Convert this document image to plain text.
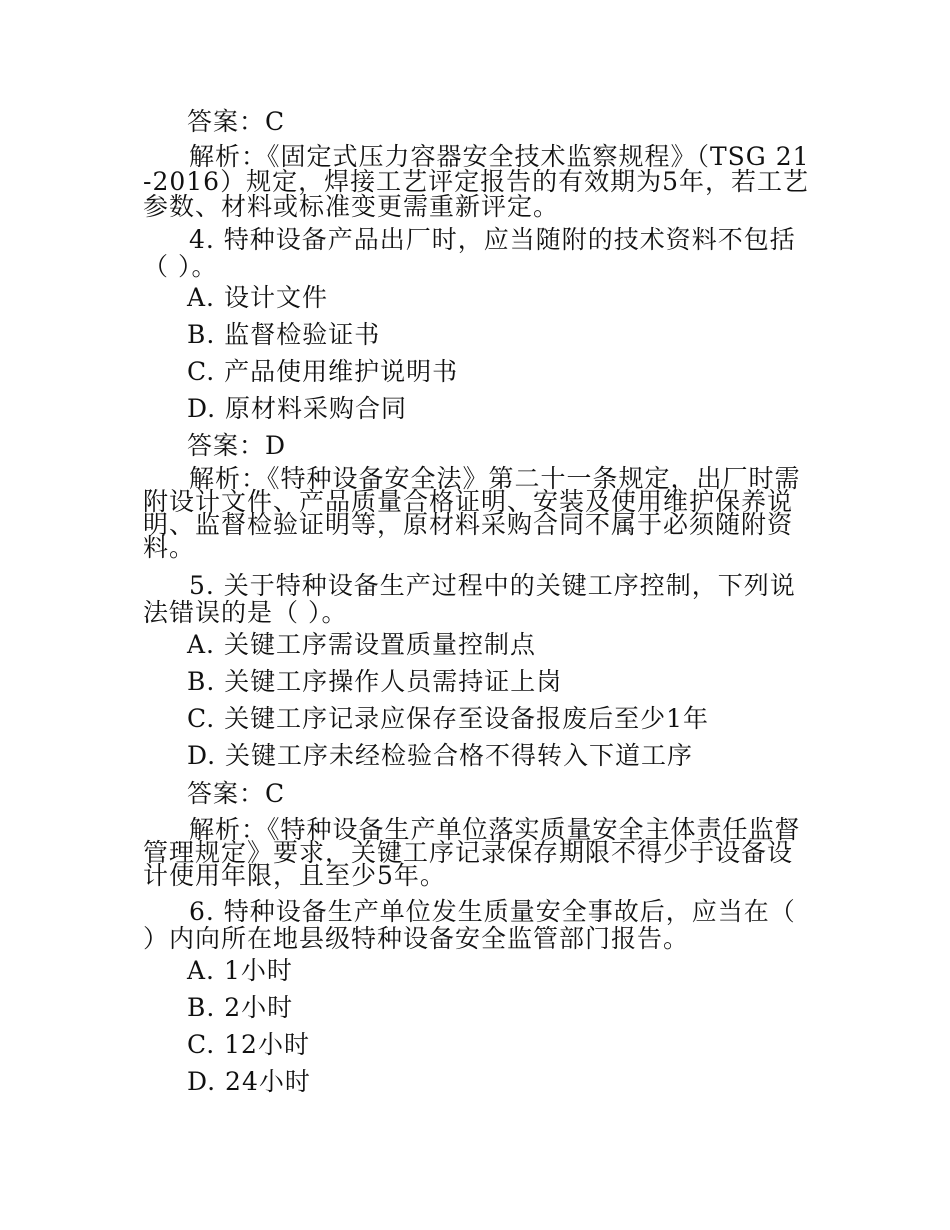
答案：C

解析：《固定式压力容器安全技术监察规程》（TSG 21-2016）规定，焊接工艺评定报告的有效期为5年，若工艺参数、材料或标准变更需重新评定。

4. 特种设备产品出厂时，应当随附的技术资料不包括（ ）。

A. 设计文件

B. 监督检验证书

C. 产品使用维护说明书

D. 原材料采购合同

答案：D

解析：《特种设备安全法》第二十一条规定，出厂时需附设计文件、产品质量合格证明、安装及使用维护保养说明、监督检验证明等，原材料采购合同不属于必须随附资料。

5. 关于特种设备生产过程中的关键工序控制，下列说法错误的是（ ）。

A. 关键工序需设置质量控制点

B. 关键工序操作人员需持证上岗

C. 关键工序记录应保存至设备报废后至少1年

D. 关键工序未经检验合格不得转入下道工序

答案：C

解析：《特种设备生产单位落实质量安全主体责任监督管理规定》要求，关键工序记录保存期限不得少于设备设计使用年限，且至少5年。

6. 特种设备生产单位发生质量安全事故后，应当在（ ）内向所在地县级特种设备安全监管部门报告。

A. 1小时

B. 2小时

C. 12小时

D. 24小时
